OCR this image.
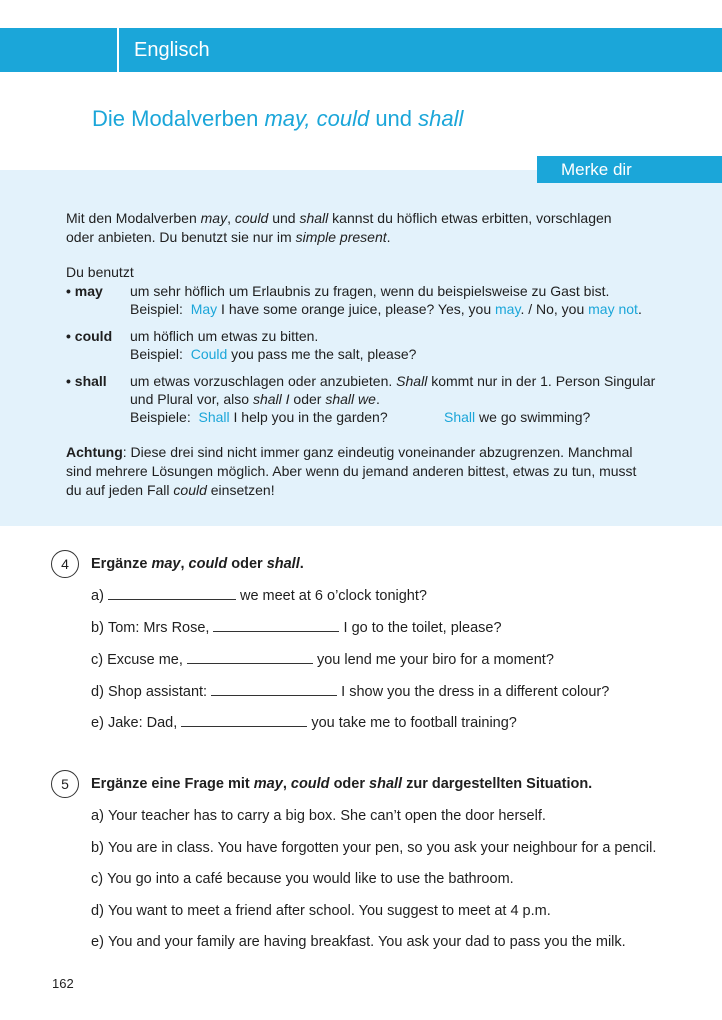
Englisch
Die Modalverben may, could und shall
Merke dir
Mit den Modalverben may, could und shall kannst du höflich etwas erbitten, vorschlagen
oder anbieten. Du benutzt sie nur im simple present.
Du benutzt
• may um sehr höflich um Erlaubnis zu fragen, wenn du beispielsweise zu Gast bist.
Beispiel: May I have some orange juice, please? Yes, you may. / No, you may not.
• could um höflich um etwas zu bitten.
Beispiel: Could you pass me the salt, please?
• shall um etwas vorzuschlagen oder anzubieten. Shall kommt nur in der 1. Person Singular
und Plural vor, also shall I oder shall we.
Beispiele: Shall I help you in the garden?	Shall we go swimming?
Achtung: Diese drei sind nicht immer ganz eindeutig voneinander abzugrenzen. Manchmal
sind mehrere Lösungen möglich. Aber wenn du jemand anderen bittest, etwas zu tun, musst
du auf jeden Fall could einsetzen!
4	Ergänze may, could oder shall.
a)	we meet at 6 o’clock tonight?
b) Tom: Mrs Rose,	I go to the toilet, please?
c) Excuse me,	you lend me your biro for a moment?
d) Shop assistant:	I show you the dress in a different colour?
e) Jake: Dad,	you take me to football training?
5	Ergänze eine Frage mit may, could oder shall zur dargestellten Situation.
a) Your teacher has to carry a big box. She can’t open the door herself.
b) You are in class. You have forgotten your pen, so you ask your neighbour for a pencil.
c) You go into a café because you would like to use the bathroom.
d) You want to meet a friend after school. You suggest to meet at 4 p.m.
e) You and your family are having breakfast. You ask your dad to pass you the milk.
162
